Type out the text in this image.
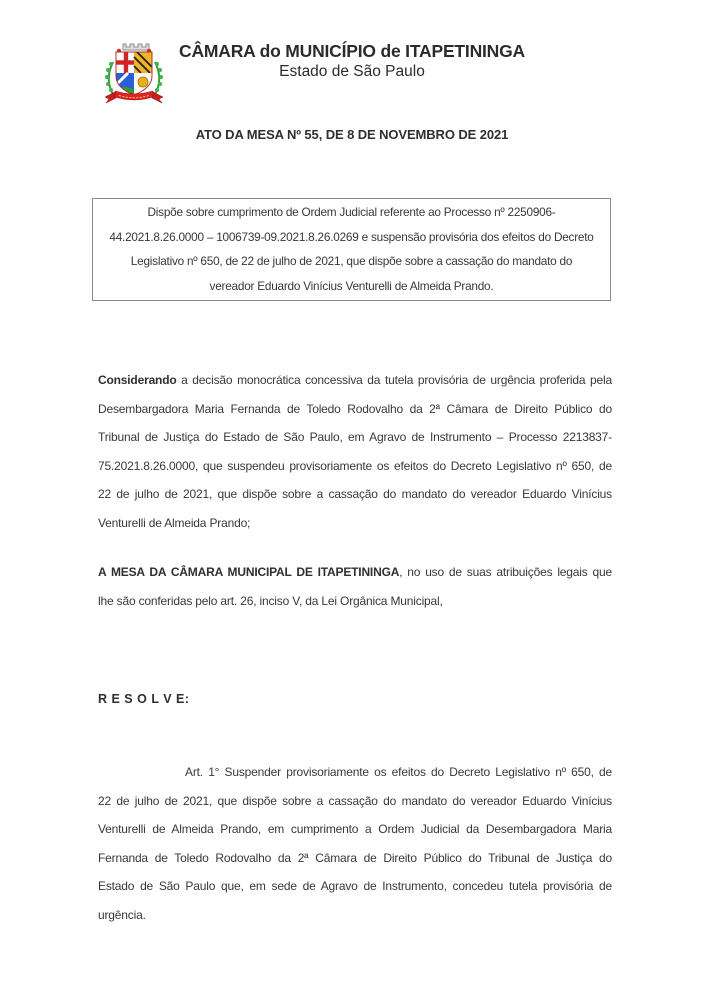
CÂMARA do MUNICÍPIO de ITAPETININGA
Estado de São Paulo
ATO DA MESA Nº 55, DE 8 DE NOVEMBRO DE 2021
Dispõe sobre cumprimento de Ordem Judicial referente ao Processo nº 2250906-
44.2021.8.26.0000 – 1006739-09.2021.8.26.0269 e suspensão provisória dos efeitos do Decreto
Legislativo nº 650, de 22 de julho de 2021, que dispõe sobre a cassação do mandato do
vereador Eduardo Vinícius Venturelli de Almeida Prando.
Considerando a decisão monocrática concessiva da tutela provisória de urgência proferida pela
Desembargadora Maria Fernanda de Toledo Rodovalho da 2ª Câmara de Direito Público do
Tribunal de Justiça do Estado de São Paulo, em Agravo de Instrumento – Processo 2213837-
75.2021.8.26.0000, que suspendeu provisoriamente os efeitos do Decreto Legislativo nº 650, de
22 de julho de 2021, que dispõe sobre a cassação do mandato do vereador Eduardo Vinícius
Venturelli de Almeida Prando;
A MESA DA CÂMARA MUNICIPAL DE ITAPETININGA, no uso de suas atribuições legais que
lhe são conferidas pelo art. 26, inciso V, da Lei Orgânica Municipal,
R E S O L V E:
Art. 1° Suspender provisoriamente os efeitos do Decreto Legislativo nº 650, de
22 de julho de 2021, que dispõe sobre a cassação do mandato do vereador Eduardo Vinícius
Venturelli de Almeida Prando, em cumprimento a Ordem Judicial da Desembargadora Maria
Fernanda de Toledo Rodovalho da 2ª Câmara de Direito Público do Tribunal de Justiça do
Estado de São Paulo que, em sede de Agravo de Instrumento, concedeu tutela provisória de
urgência.
